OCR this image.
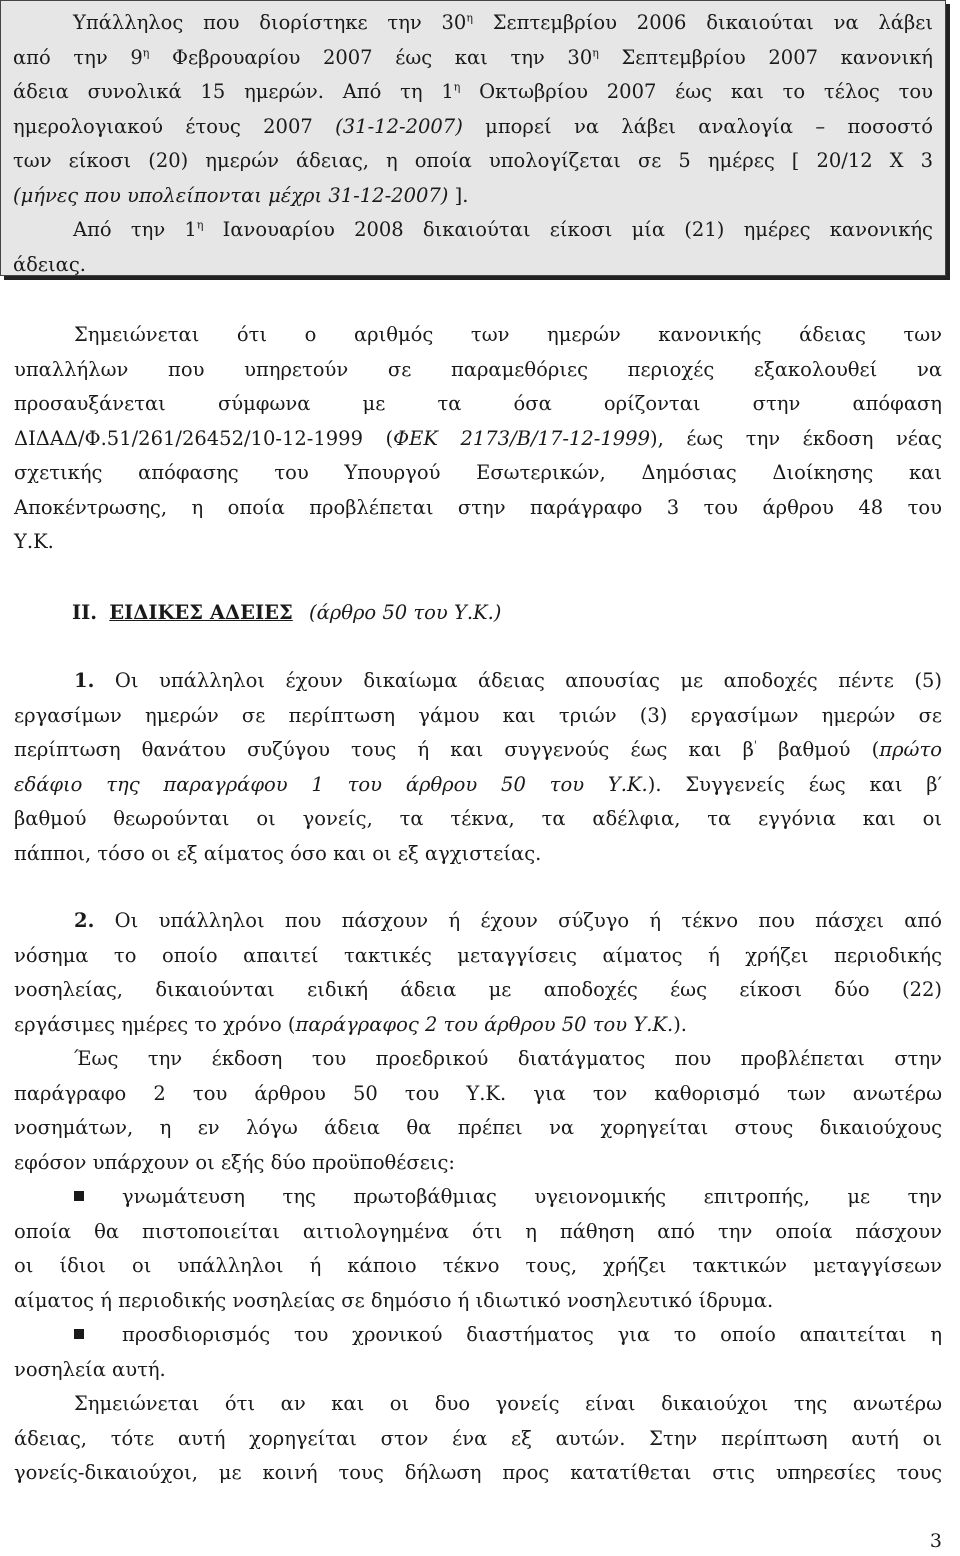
Υπάλληλος που διορίστηκε την $30^\eta$ Σεπτεμβρίου 2006 δικαιούται να λάβει

από την $9^\eta$ Φεβρουαρίου 2007 έως και την $30^\eta$ Σεπτεμβρίου 2007 κανονική

άδεια συνολικά 15 ημερών. Από τη $1^\eta$ Οκτωβρίου 2007 έως και το τέλος του

ημερολογιακού έτους 2007 (31-12-2007) μπορεί να λάβει αναλογία – ποσοστό

των είκοσι (20) ημερών άδειας, η οποία υπολογίζεται σε 5 ημέρες [ 20/12 Χ 3

(μήνες που υπολείπονται μέχρι 31-12-2007) ].

Από την $1^\eta$ Ιανουαρίου 2008 δικαιούται είκοσι μία (21) ημέρες κανονικής

άδειας.

Σημειώνεται ότι ο αριθμός των ημερών κανονικής άδειας των

υπαλλήλων που υπηρετούν σε παραμεθόριες περιοχές εξακολουθεί να

προσαυξάνεται σύμφωνα με τα όσα ορίζονται στην απόφαση

ΔΙΔΑΔ/Φ.51/261/26452/10-12-1999 (ΦΕΚ 2173/Β/17-12-1999), έως την έκδοση νέας

σχετικής απόφασης του Υπουργού Εσωτερικών, Δημόσιας Διοίκησης και

Αποκέντρωσης, η οποία προβλέπεται στην παράγραφο 3 του άρθρου 48 του

Υ.Κ.

ΙΙ. ΕΙΔΙΚΕΣ ΑΔΕΙΕΣ (άρθρο 50 του Υ.Κ.)

1. Οι υπάλληλοι έχουν δικαίωμα άδειας απουσίας με αποδοχές πέντε (5)

εργασίμων ημερών σε περίπτωση γάμου και τριών (3) εργασίμων ημερών σε

περίπτωση θανάτου συζύγου τους ή και συγγενούς έως και β' βαθμού (πρώτο

εδάφιο της παραγράφου 1 του άρθρου 50 του Υ.Κ.). Συγγενείς έως και β′

βαθμού θεωρούνται οι γονείς, τα τέκνα, τα αδέλφια, τα εγγόνια και οι

πάπποι, τόσο οι εξ αίματος όσο και οι εξ αγχιστείας.

2. Οι υπάλληλοι που πάσχουν ή έχουν σύζυγο ή τέκνο που πάσχει από

νόσημα το οποίο απαιτεί τακτικές μεταγγίσεις αίματος ή χρήζει περιοδικής

νοσηλείας, δικαιούνται ειδική άδεια με αποδοχές έως είκοσι δύο (22)

εργάσιμες ημέρες το χρόνο (παράγραφος 2 του άρθρου 50 του Υ.Κ.).

Έως την έκδοση του προεδρικού διατάγματος που προβλέπεται στην

παράγραφο 2 του άρθρου 50 του Υ.Κ. για τον καθορισμό των ανωτέρω

νοσημάτων, η εν λόγω άδεια θα πρέπει να χορηγείται στους δικαιούχους

εφόσον υπάρχουν οι εξής δύο προϋποθέσεις:

γνωμάτευση της πρωτοβάθμιας υγειονομικής επιτροπής, με την

οποία θα πιστοποιείται αιτιολογημένα ότι η πάθηση από την οποία πάσχουν

οι ίδιοι οι υπάλληλοι ή κάποιο τέκνο τους, χρήζει τακτικών μεταγγίσεων

αίματος ή περιοδικής νοσηλείας σε δημόσιο ή ιδιωτικό νοσηλευτικό ίδρυμα.

προσδιορισμός του χρονικού διαστήματος για το οποίο απαιτείται η

νοσηλεία αυτή.

Σημειώνεται ότι αν και οι δυο γονείς είναι δικαιούχοι της ανωτέρω

άδειας, τότε αυτή χορηγείται στον ένα εξ αυτών. Στην περίπτωση αυτή οι

γονείς-δικαιούχοι, με κοινή τους δήλωση προς κατατίθεται στις υπηρεσίες τους

3
